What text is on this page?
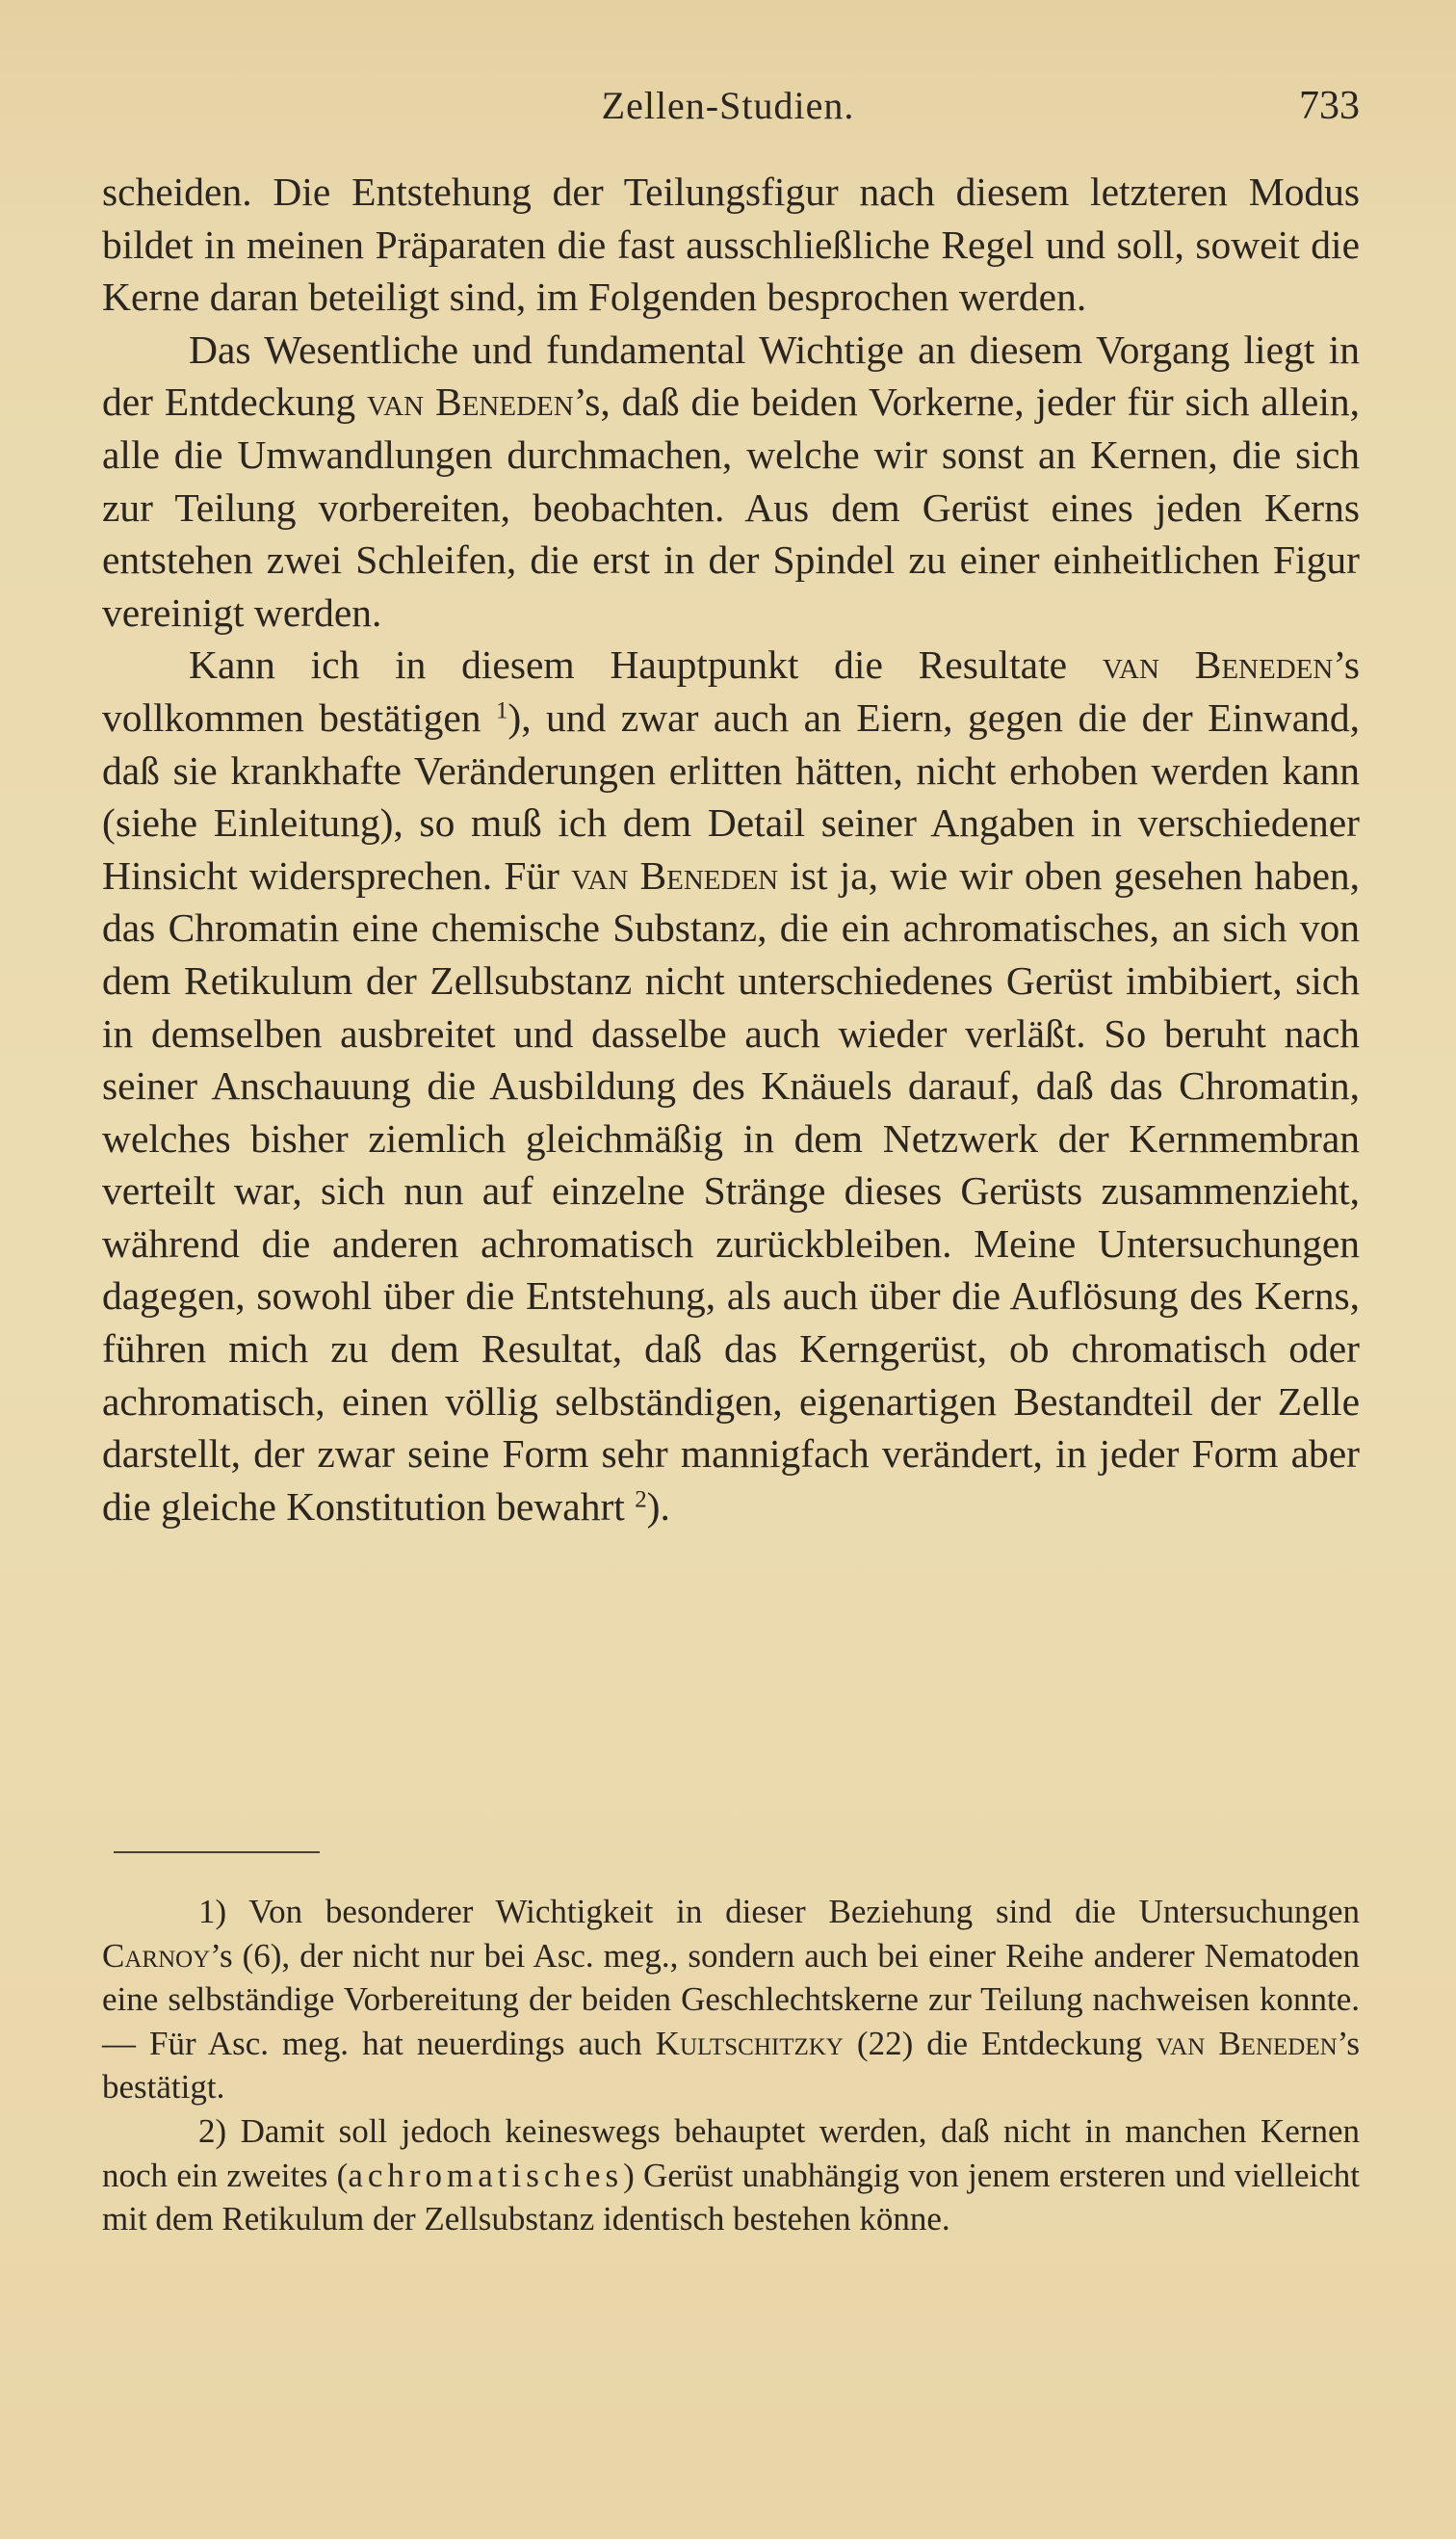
Zellen-Studien.	733

scheiden. Die Entstehung der Teilungsfigur nach diesem letzteren Modus bildet in meinen Präparaten die fast ausschließliche Regel und soll, soweit die Kerne daran beteiligt sind, im Folgenden besprochen werden.

Das Wesentliche und fundamental Wichtige an diesem Vorgang liegt in der Entdeckung van Beneden’s, daß die beiden Vorkerne, jeder für sich allein, alle die Umwandlungen durchmachen, welche wir sonst an Kernen, die sich zur Teilung vorbereiten, beobachten. Aus dem Gerüst eines jeden Kerns entstehen zwei Schleifen, die erst in der Spindel zu einer einheitlichen Figur vereinigt werden.

Kann ich in diesem Hauptpunkt die Resultate van Beneden’s vollkommen bestätigen $^1$), und zwar auch an Eiern, gegen die der Einwand, daß sie krankhafte Veränderungen erlitten hätten, nicht erhoben werden kann (siehe Einleitung), so muß ich dem Detail seiner Angaben in verschiedener Hinsicht widersprechen. Für van Beneden ist ja, wie wir oben gesehen haben, das Chromatin eine chemische Substanz, die ein achromatisches, an sich von dem Retikulum der Zellsubstanz nicht unterschiedenes Gerüst imbibiert, sich in demselben ausbreitet und dasselbe auch wieder verläßt. So beruht nach seiner Anschauung die Ausbildung des Knäuels darauf, daß das Chromatin, welches bisher ziemlich gleichmäßig in dem Netzwerk der Kernmembran verteilt war, sich nun auf einzelne Stränge dieses Gerüsts zusammenzieht, während die anderen achromatisch zurückbleiben. Meine Untersuchungen dagegen, sowohl über die Entstehung, als auch über die Auflösung des Kerns, führen mich zu dem Resultat, daß das Kerngerüst, ob chromatisch oder achromatisch, einen völlig selbständigen, eigenartigen Bestandteil der Zelle darstellt, der zwar seine Form sehr mannigfach verändert, in jeder Form aber die gleiche Konstitution bewahrt $^2$).

1) Von besonderer Wichtigkeit in dieser Beziehung sind die Untersuchungen Carnoy’s (6), der nicht nur bei Asc. meg., sondern auch bei einer Reihe anderer Nematoden eine selbständige Vorbereitung der beiden Geschlechtskerne zur Teilung nachweisen konnte. — Für Asc. meg. hat neuerdings auch Kultschitzky (22) die Entdeckung van Beneden’s bestätigt.

2) Damit soll jedoch keineswegs behauptet werden, daß nicht in manchen Kernen noch ein zweites (achromatisches) Gerüst unabhängig von jenem ersteren und vielleicht mit dem Retikulum der Zellsubstanz identisch bestehen könne.
